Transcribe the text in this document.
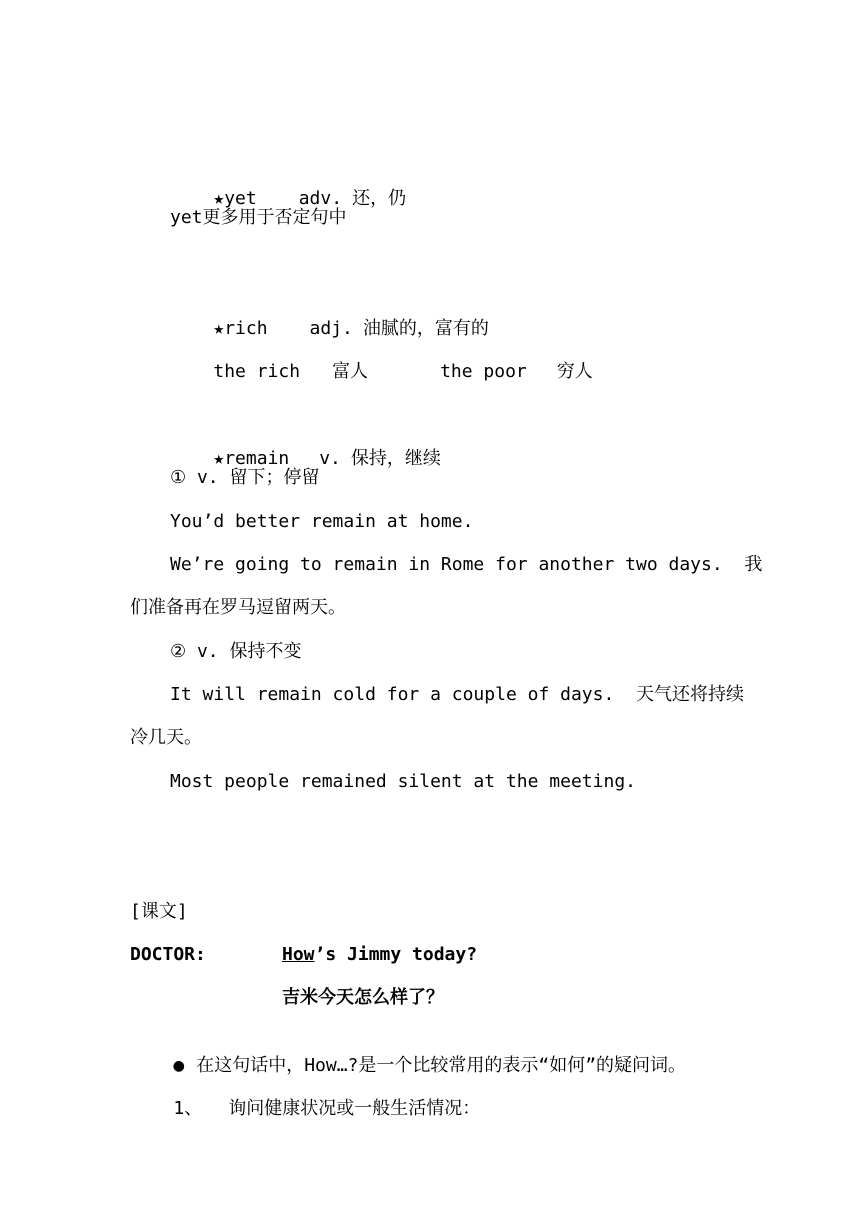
★yet adv. 还，仍

yet更多用于否定句中

★rich adj. 油腻的，富有的

the rich 富人	the poor 穷人

★remain v. 保持，继续

① v. 留下；停留
You’d better remain at home.
We’re going to remain in Rome for another two days.  我
们准备再在罗马逗留两天。
② v. 保持不变
It will remain cold for a couple of days.  天气还将持续
冷几天。
Most people remained silent at the meeting.
[课文]
DOCTOR:	How’s Jimmy today?
吉米今天怎么样了？

● 在这句话中，How…?是一个比较常用的表示“如何”的疑问词。

1、 询问健康状况或一般生活情况：
